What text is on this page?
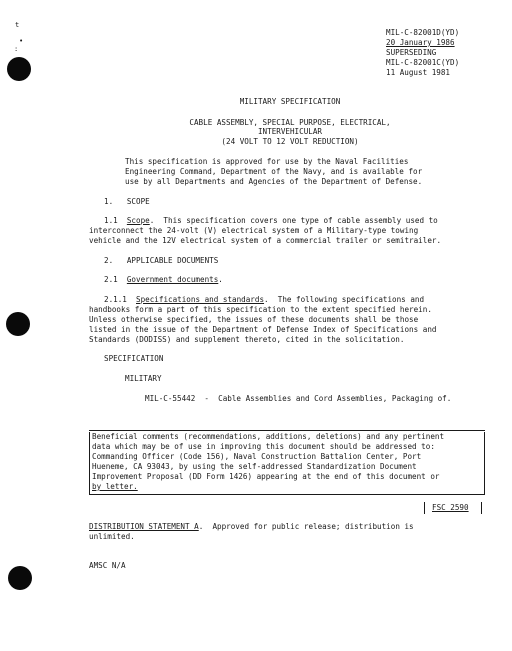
t
•
:
MIL-C-82001D(YD)
20 January 1986
SUPERSEDING
MIL-C-82001C(YD)
11 August 1981
MILITARY SPECIFICATION
CABLE ASSEMBLY, SPECIAL PURPOSE, ELECTRICAL,
INTERVEHICULAR
(24 VOLT TO 12 VOLT REDUCTION)
This specification is approved for use by the Naval Facilities
Engineering Command, Department of the Navy, and is available for
use by all Departments and Agencies of the Department of Defense.
1.   SCOPE
1.1  Scope.  This specification covers one type of cable assembly used to
interconnect the 24-volt (V) electrical system of a Military-type towing
vehicle and the 12V electrical system of a commercial trailer or semitrailer.
2.   APPLICABLE DOCUMENTS
2.1  Government documents.
2.1.1  Specifications and standards.  The following specifications and
handbooks form a part of this specification to the extent specified herein.
Unless otherwise specified, the issues of these documents shall be those
listed in the issue of the Department of Defense Index of Specifications and
Standards (DODISS) and supplement thereto, cited in the solicitation.
SPECIFICATION
MILITARY
MIL-C-55442  -  Cable Assemblies and Cord Assemblies, Packaging of.
Beneficial comments (recommendations, additions, deletions) and any pertinent
data which may be of use in improving this document should be addressed to:
Commanding Officer (Code 156), Naval Construction Battalion Center, Port
Hueneme, CA 93043, by using the self-addressed Standardization Document
Improvement Proposal (DD Form 1426) appearing at the end of this document or
by letter.
FSC 2590
DISTRIBUTION STATEMENT A.  Approved for public release; distribution is
unlimited.
AMSC N/A
